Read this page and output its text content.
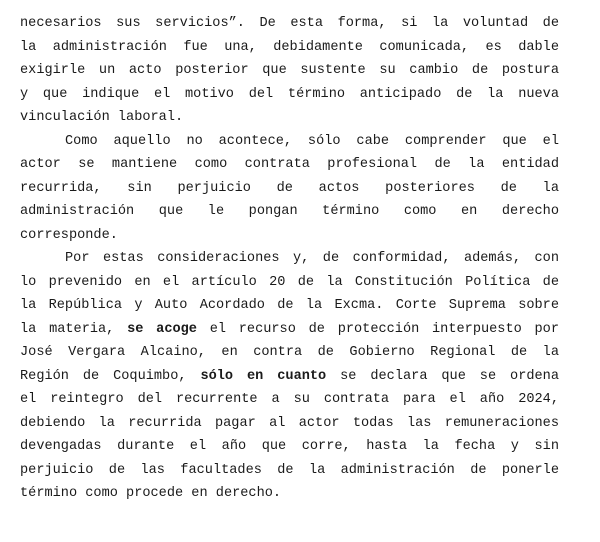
necesarios sus servicios”. De esta forma, si la voluntad de
la administración fue una, debidamente comunicada, es dable
exigirle un acto posterior que sustente su cambio de postura
y que indique el motivo del término anticipado de la nueva
vinculación laboral.
Como aquello no acontece, sólo cabe comprender que el
actor se mantiene como contrata profesional de la entidad
recurrida, sin perjuicio de actos posteriores de la
administración que le pongan término como en derecho
corresponde.
Por estas consideraciones y, de conformidad, además, con
lo prevenido en el artículo 20 de la Constitución Política de
la República y Auto Acordado de la Excma. Corte Suprema sobre
la materia, se acoge el recurso de protección interpuesto por
José Vergara Alcaino, en contra de Gobierno Regional de la
Región de Coquimbo, sólo en cuanto se declara que se ordena
el reintegro del recurrente a su contrata para el año 2024,
debiendo la recurrida pagar al actor todas las remuneraciones
devengadas durante el año que corre, hasta la fecha y sin
perjuicio de las facultades de la administración de ponerle
término como procede en derecho.
